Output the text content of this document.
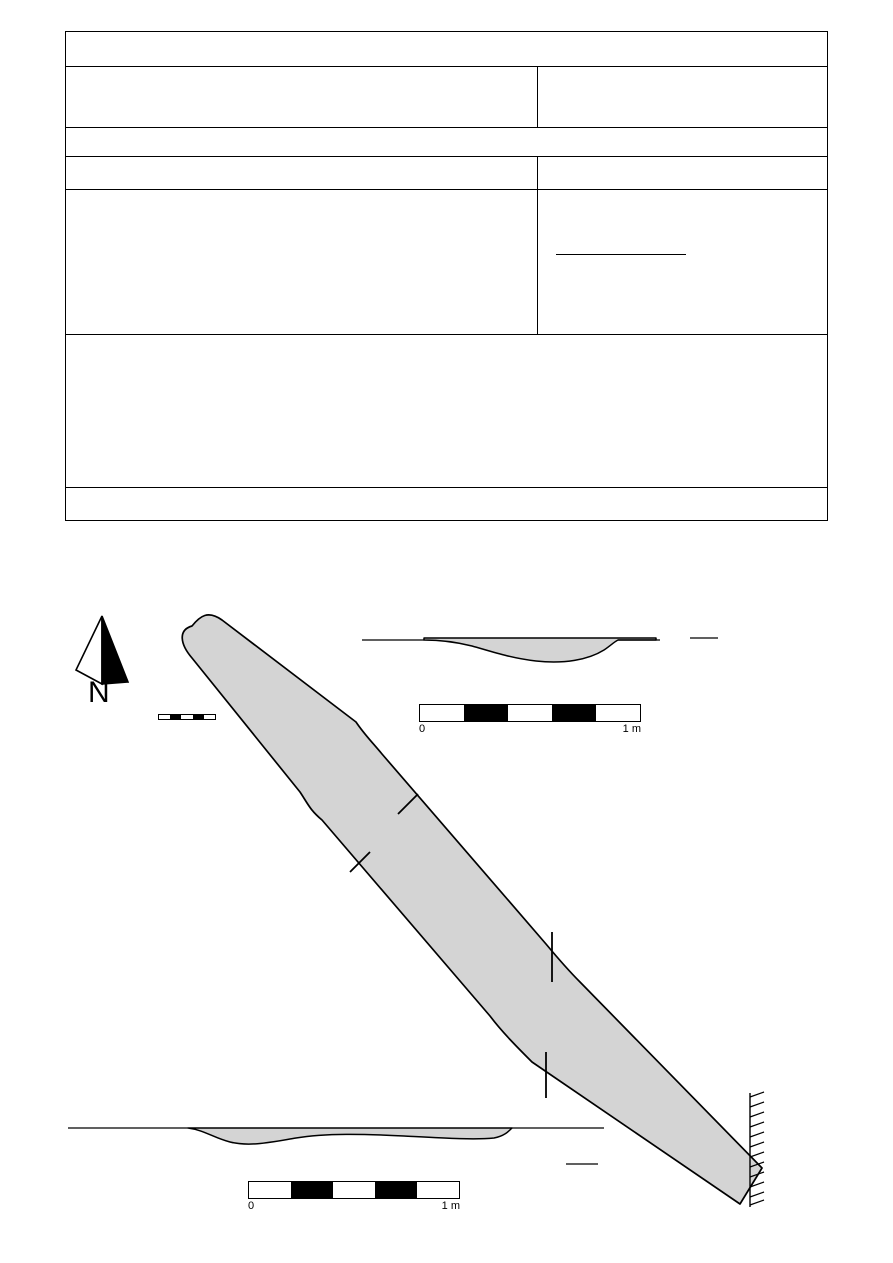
N
0	1 m
0	1 m
